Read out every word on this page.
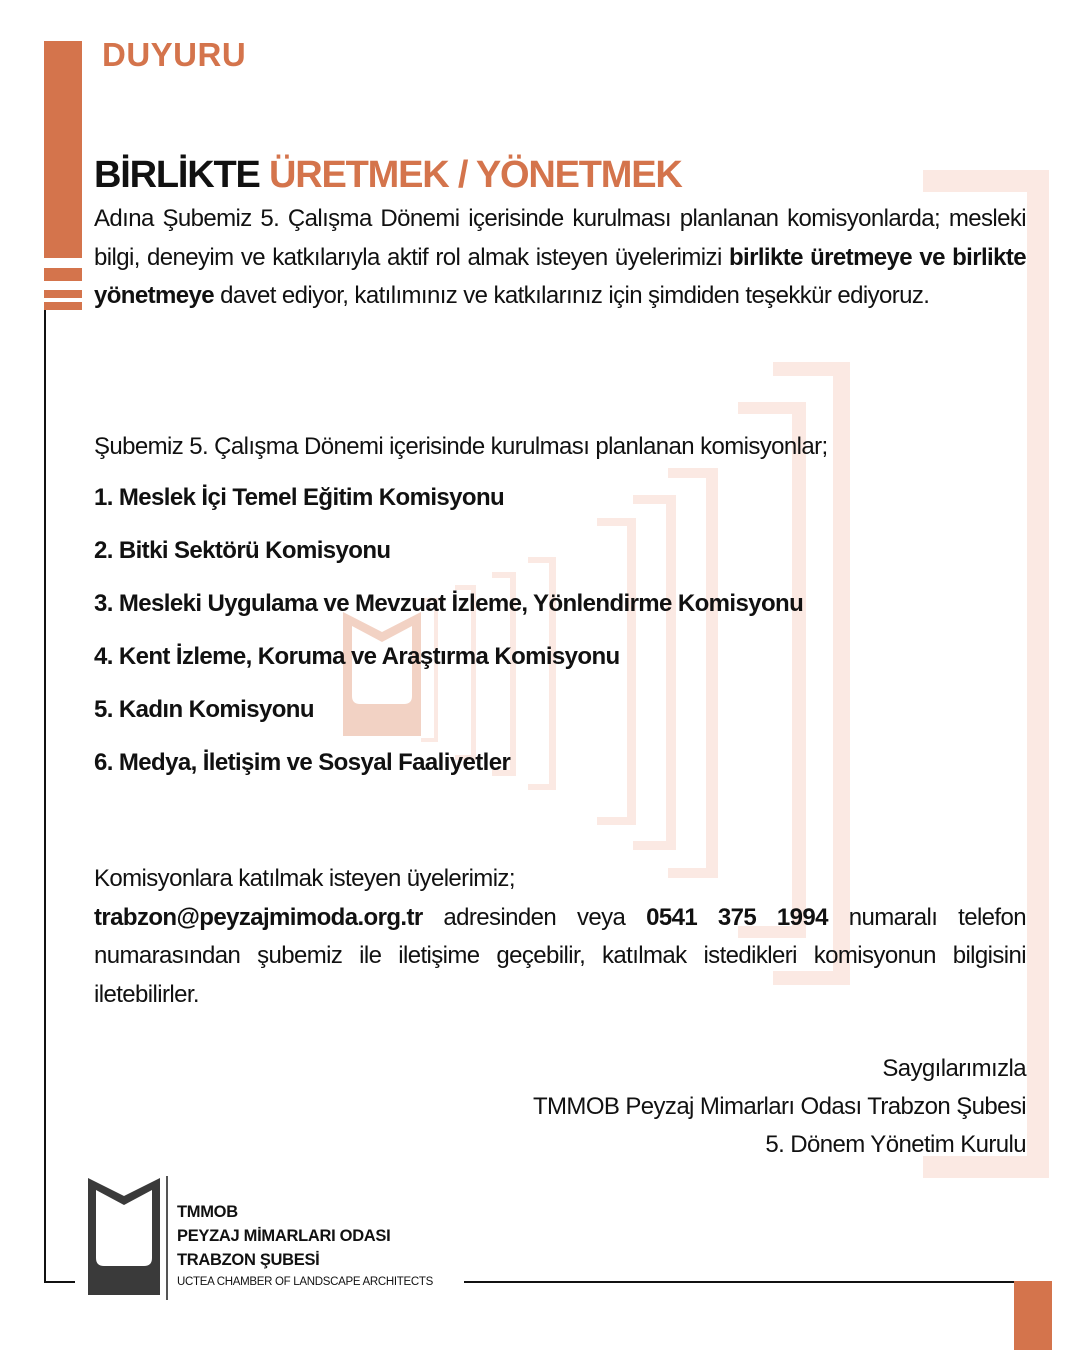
DUYURU
BİRLİKTE ÜRETMEK / YÖNETMEK
Adına Şubemiz 5. Çalışma Dönemi içerisinde kurulması planlanan komisyonlarda; mesleki bilgi, deneyim ve katkılarıyla aktif rol almak isteyen üyelerimizi birlikte üretmeye ve birlikte yönetmeye davet ediyor, katılımınız ve katkılarınız için şimdiden teşekkür ediyoruz.
Şubemiz 5. Çalışma Dönemi içerisinde kurulması planlanan komisyonlar;
1. Meslek İçi Temel Eğitim Komisyonu
2. Bitki Sektörü Komisyonu
3. Mesleki Uygulama ve Mevzuat İzleme, Yönlendirme Komisyonu
4. Kent İzleme, Koruma ve Araştırma Komisyonu
5. Kadın Komisyonu
6. Medya, İletişim ve Sosyal Faaliyetler
Komisyonlara katılmak isteyen üyelerimiz;
trabzon@peyzajmimoda.org.tr adresinden veya 0541 375 1994 numaralı telefon numarasından şubemiz ile iletişime geçebilir, katılmak istedikleri komisyonun bilgisini iletebilirler.
Saygılarımızla
TMMOB Peyzaj Mimarları Odası Trabzon Şubesi
5. Dönem Yönetim Kurulu
TMMOB
PEYZAJ MİMARLARI ODASI
TRABZON ŞUBESİ
UCTEA CHAMBER OF LANDSCAPE ARCHITECTS
